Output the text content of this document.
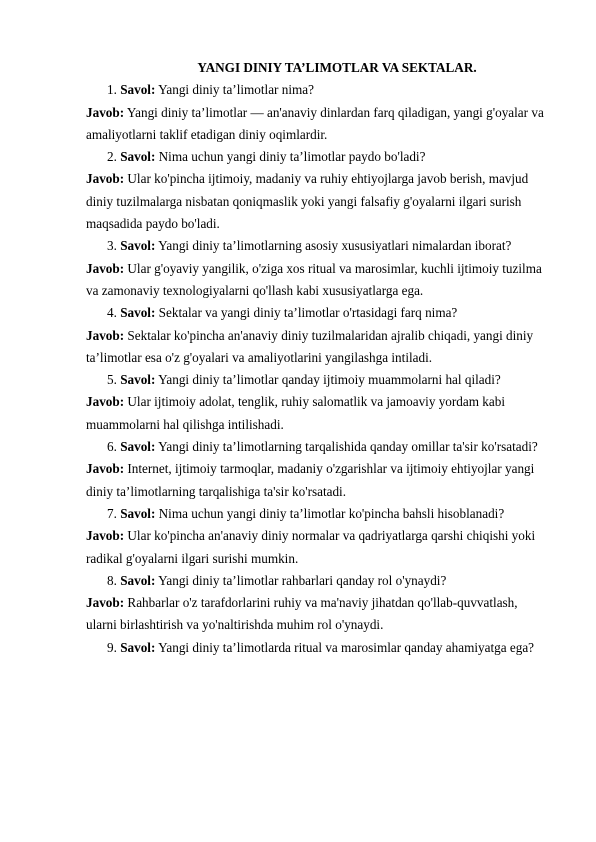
YANGI DINIY TA’LIMOTLAR VA SEKTALAR.

1. Savol: Yangi diniy ta’limotlar nima?

Javob: Yangi diniy ta’limotlar — an'anaviy dinlardan farq qiladigan, yangi g'oyalar va amaliyotlarni taklif etadigan diniy oqimlardir.

2. Savol: Nima uchun yangi diniy ta’limotlar paydo bo'ladi?

Javob: Ular ko'pincha ijtimoiy, madaniy va ruhiy ehtiyojlarga javob berish, mavjud diniy tuzilmalarga nisbatan qoniqmaslik yoki yangi falsafiy g'oyalarni ilgari surish maqsadida paydo bo'ladi.

3. Savol: Yangi diniy ta’limotlarning asosiy xususiyatlari nimalardan iborat?

Javob: Ular g'oyaviy yangilik, o'ziga xos ritual va marosimlar, kuchli ijtimoiy tuzilma va zamonaviy texnologiyalarni qo'llash kabi xususiyatlarga ega.

4. Savol: Sektalar va yangi diniy ta’limotlar o'rtasidagi farq nima?

Javob: Sektalar ko'pincha an'anaviy diniy tuzilmalaridan ajralib chiqadi, yangi diniy ta’limotlar esa o'z g'oyalari va amaliyotlarini yangilashga intiladi.

5. Savol: Yangi diniy ta’limotlar qanday ijtimoiy muammolarni hal qiladi?

Javob: Ular ijtimoiy adolat, tenglik, ruhiy salomatlik va jamoaviy yordam kabi muammolarni hal qilishga intilishadi.

6. Savol: Yangi diniy ta’limotlarning tarqalishida qanday omillar ta'sir ko'rsatadi?

Javob: Internet, ijtimoiy tarmoqlar, madaniy o'zgarishlar va ijtimoiy ehtiyojlar yangi diniy ta’limotlarning tarqalishiga ta'sir ko'rsatadi.

7. Savol: Nima uchun yangi diniy ta’limotlar ko'pincha bahsli hisoblanadi?

Javob: Ular ko'pincha an'anaviy diniy normalar va qadriyatlarga qarshi chiqishi yoki radikal g'oyalarni ilgari surishi mumkin.

8. Savol: Yangi diniy ta’limotlar rahbarlari qanday rol o'ynaydi?

Javob: Rahbarlar o'z tarafdorlarini ruhiy va ma'naviy jihatdan qo'llab-quvvatlash, ularni birlashtirish va yo'naltirishda muhim rol o'ynaydi.

9. Savol: Yangi diniy ta’limotlarda ritual va marosimlar qanday ahamiyatga ega?
